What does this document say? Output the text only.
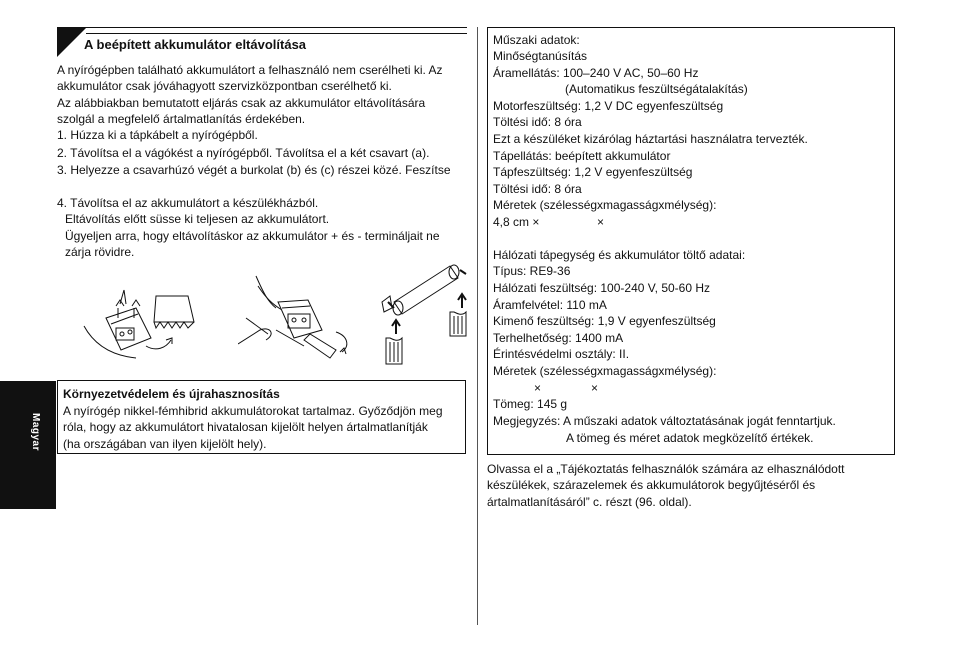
Magyar
A beépített akkumulátor eltávolítása
A nyírógépben található akkumulátort a felhasználó nem cserélheti ki. Az
akkumulátor csak jóváhagyott szervizközpontban cserélhető ki.
Az alábbiakban bemutatott eljárás csak az akkumulátor eltávolítására
szolgál a megfelelő ártalmatlanítás érdekében.
1. Húzza ki a tápkábelt a nyírógépből.
2. Távolítsa el a vágókést a nyírógépből. Távolítsa el a két csavart (a).
3. Helyezze a csavarhúzó végét a burkolat (b) és (c) részei közé. Feszítse
4. Távolítsa el az akkumulátort a készülékházból.
Eltávolítás előtt süsse ki teljesen az akkumulátort.
Ügyeljen arra, hogy eltávolításkor az akkumulátor + és - termináljait ne
zárja rövidre.
Környezetvédelem és újrahasznosítás
A nyírógép nikkel-fémhibrid akkumulátorokat tartalmaz. Győződjön meg
róla, hogy az akkumulátort hivatalosan kijelölt helyen ártalmatlanítják
(ha országában van ilyen kijelölt hely).
Műszaki adatok:
Minőségtanúsítás
Áramellátás: 100–240 V AC, 50–60 Hz
(Automatikus feszültségátalakítás)
Motorfeszültség: 1,2 V DC egyenfeszültség
Töltési idő: 8 óra
Ezt a készüléket kizárólag háztartási használatra tervezték.
Tápellátás: beépített akkumulátor
Tápfeszültség: 1,2 V egyenfeszültség
Töltési idő: 8 óra
Méretek (szélességxmagasságxmélység):
4,8 cm ×	×
Hálózati tápegység és akkumulátor töltő adatai:
Típus: RE9-36
Hálózati feszültség: 100-240 V, 50-60 Hz
Áramfelvétel: 110 mA
Kimenő feszültség: 1,9 V egyenfeszültség
Terhelhetőség: 1400 mA
Érintésvédelmi osztály: II.
Méretek (szélességxmagasságxmélység):
×	×
Tömeg: 145 g
Megjegyzés: A műszaki adatok változtatásának jogát fenntartjuk.
A tömeg és méret adatok megközelítő értékek.
Olvassa el a „Tájékoztatás felhasználók számára az elhasználódott
készülékek, szárazelemek és akkumulátorok begyűjtéséről és
ártalmatlanításáról” c. részt (96. oldal).
